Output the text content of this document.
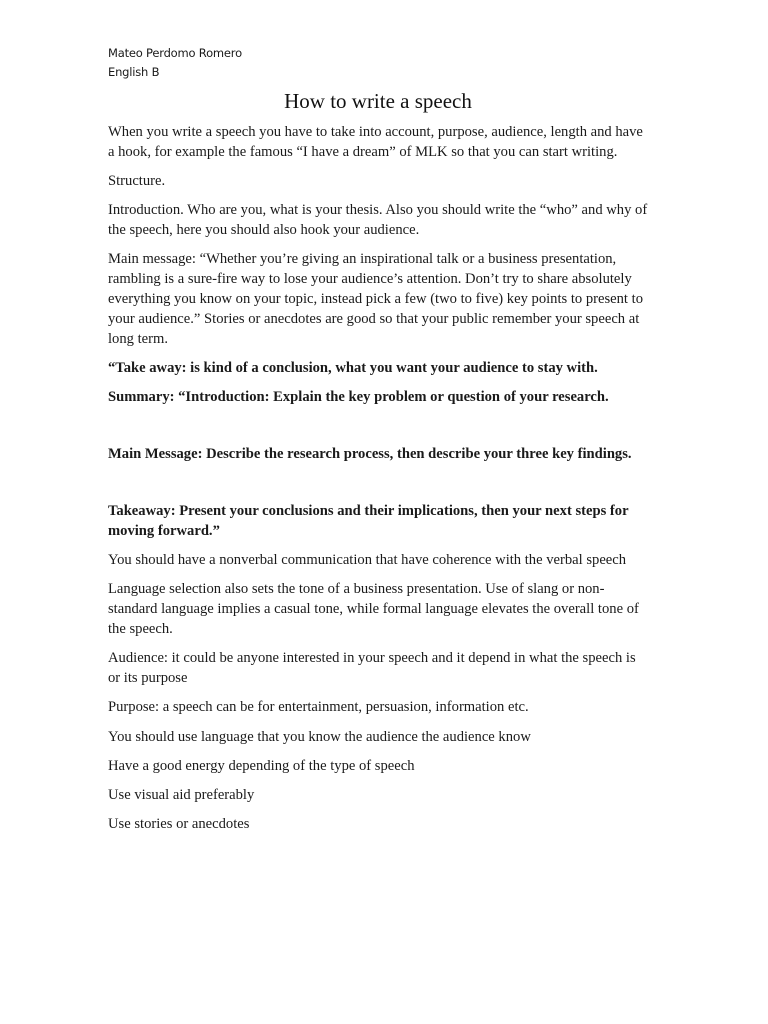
Mateo Perdomo Romero

English B

How to write a speech

When you write a speech you have to take into account, purpose, audience, length and have a hook, for example the famous “I have a dream” of MLK so that you can start writing.

Structure.

Introduction. Who are you, what is your thesis. Also you should write the “who” and why of the speech, here you should also hook your audience.

Main message: “Whether you’re giving an inspirational talk or a business presentation, rambling is a sure-fire way to lose your audience’s attention. Don’t try to share absolutely everything you know on your topic, instead pick a few (two to five) key points to present to your audience.” Stories or anecdotes are good so that your public remember your speech at long term.

“Take away: is kind of a conclusion, what you want your audience to stay with.

Summary: “Introduction: Explain the key problem or question of your research.

Main Message: Describe the research process, then describe your three key findings.

Takeaway: Present your conclusions and their implications, then your next steps for moving forward.”

You should have a nonverbal communication that have coherence with the verbal speech

Language selection also sets the tone of a business presentation. Use of slang or non-standard language implies a casual tone, while formal language elevates the overall tone of the speech.

Audience: it could be anyone interested in your speech and it depend in what the speech is or its purpose

Purpose: a speech can be for entertainment, persuasion, information etc.

You should use language that you know the audience the audience know

Have a good energy depending of the type of speech

Use visual aid preferably

Use stories or anecdotes
